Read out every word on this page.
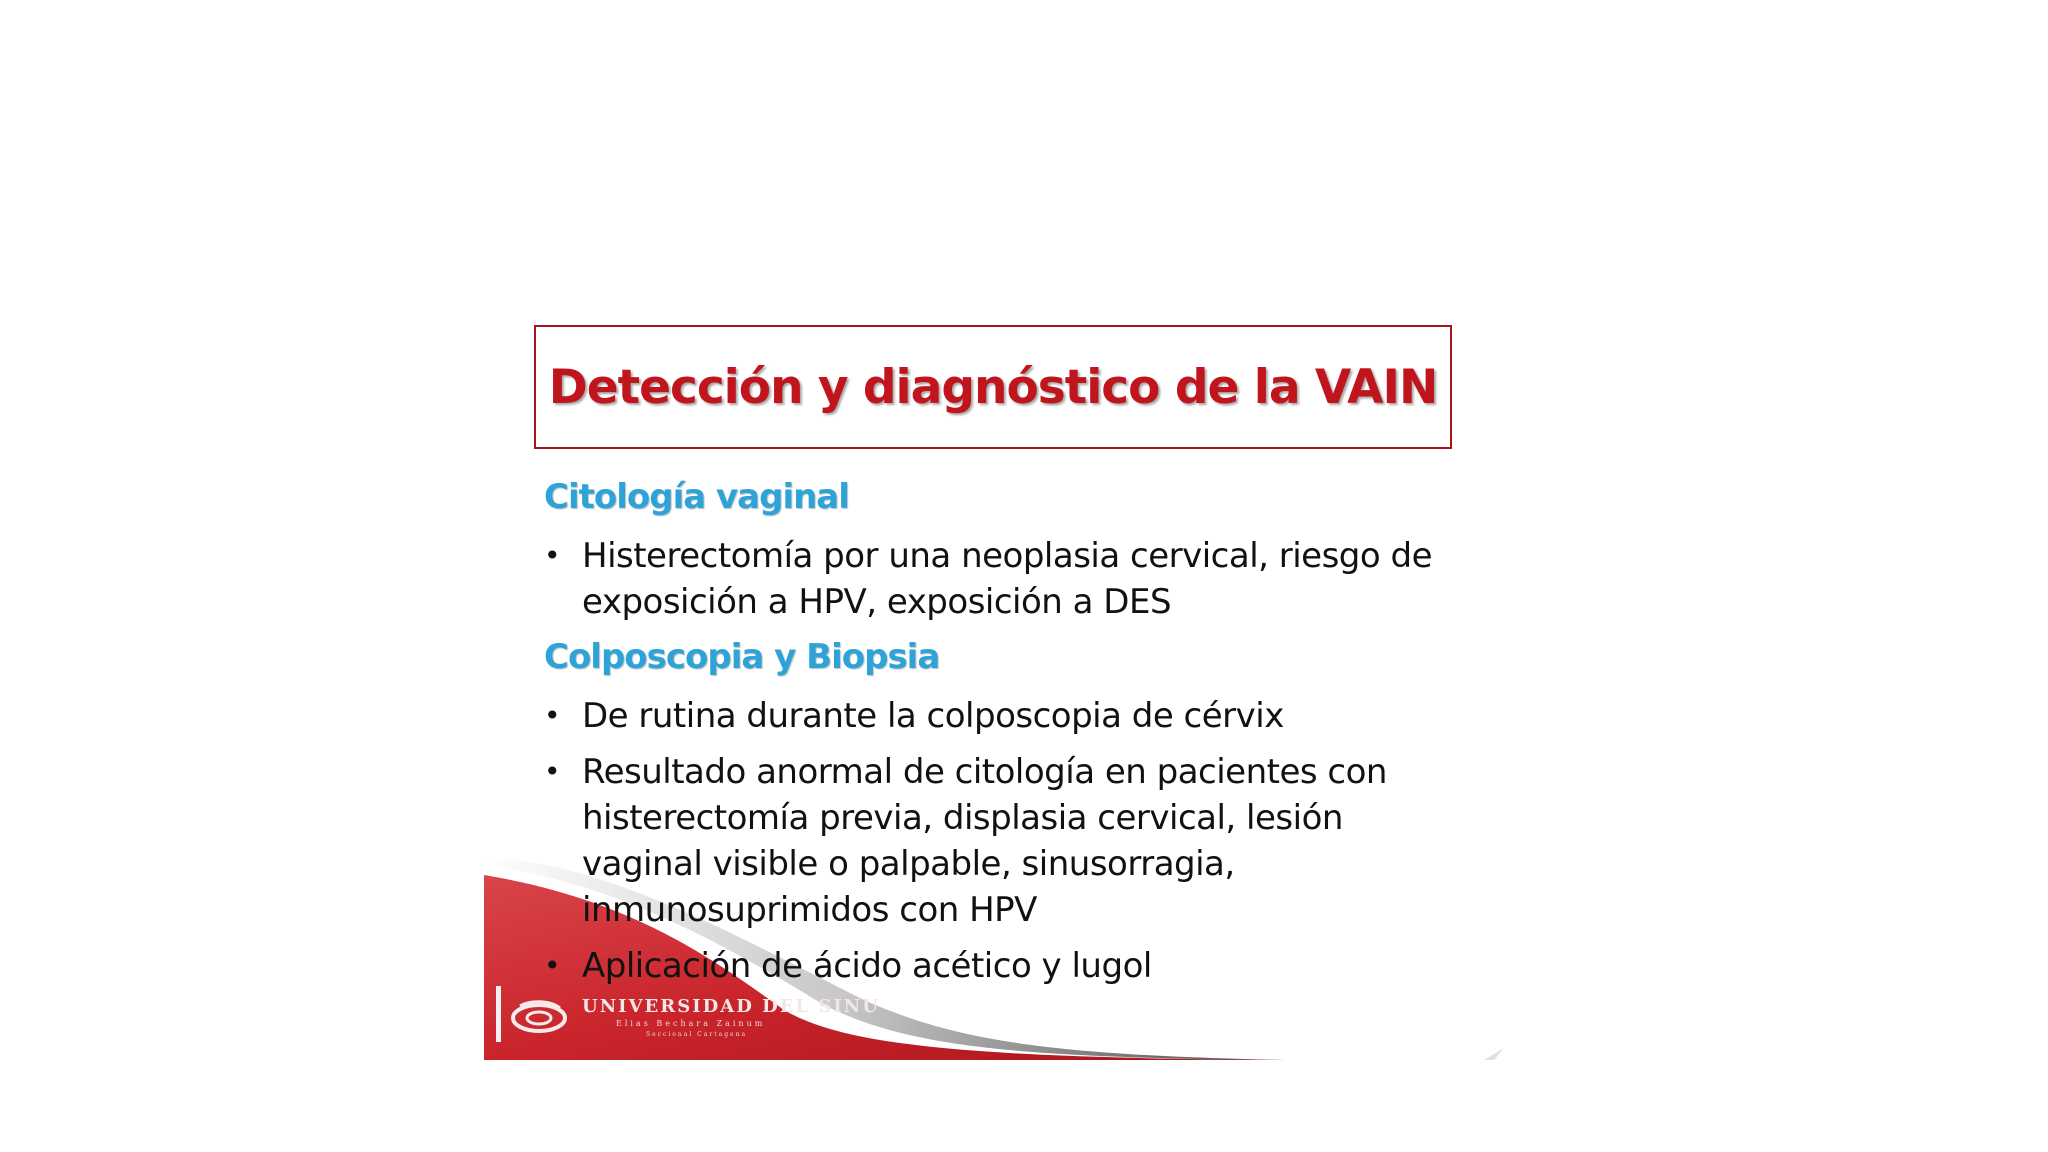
Detección y diagnóstico de la VAIN
Citología vaginal
• Histerectomía por una neoplasia cervical, riesgo de exposición a HPV, exposición a DES
Colposcopia y Biopsia
• De rutina durante la colposcopia de cérvix
• Resultado anormal de citología en pacientes con histerectomía previa, displasia cervical, lesión vaginal visible o palpable, sinusorragia, inmunosuprimidos con HPV
• Aplicación de ácido acético y lugol
UNIVERSIDAD DEL SINU
Elias Bechara Zainum
Seccional Cartagena
